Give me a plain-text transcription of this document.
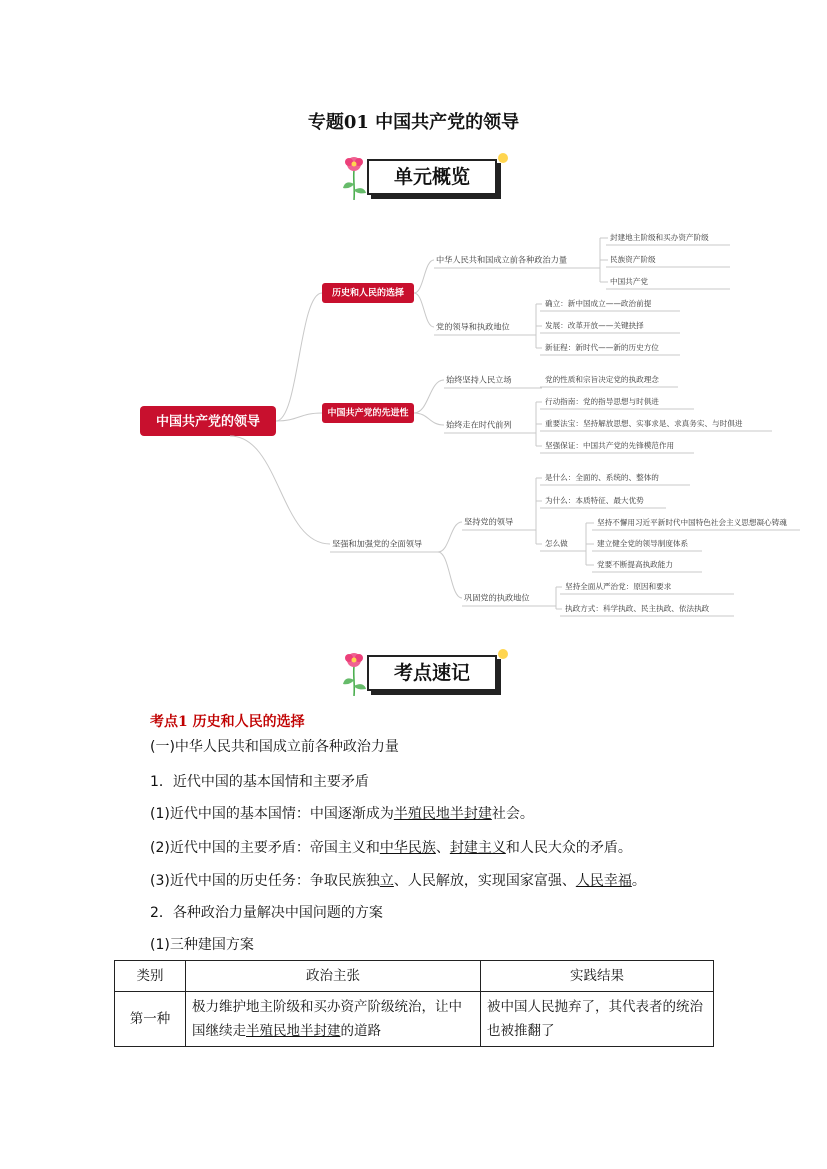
专题01 中国共产党的领导
单元概览
中国共产党的领导
历史和人民的选择
中华人民共和国成立前各种政治力量
封建地主阶级和买办资产阶级
民族资产阶级
中国共产党
党的领导和执政地位
确立：新中国成立——政治前提
发展：改革开放——关键抉择
新征程：新时代——新的历史方位
中国共产党的先进性
始终坚持人民立场	党的性质和宗旨决定党的执政理念
始终走在时代前列
行动指南：党的指导思想与时俱进
重要法宝：坚持解放思想、实事求是、求真务实、与时俱进
坚强保证：中国共产党的先锋模范作用
坚强和加强党的全面领导
坚持党的领导
是什么：全面的、系统的、整体的
为什么：本质特征、最大优势
怎么做
坚持不懈用习近平新时代中国特色社会主义思想凝心铸魂
建立健全党的领导制度体系
党要不断提高执政能力
巩固党的执政地位
坚持全面从严治党：原因和要求
执政方式：科学执政、民主执政、依法执政
考点速记
考点1 历史和人民的选择
(一)中华人民共和国成立前各种政治力量
1．近代中国的基本国情和主要矛盾
(1)近代中国的基本国情：中国逐渐成为半殖民地半封建社会。
(2)近代中国的主要矛盾：帝国主义和中华民族、封建主义和人民大众的矛盾。
(3)近代中国的历史任务：争取民族独立、人民解放，实现国家富强、人民幸福。
2．各种政治力量解决中国问题的方案
(1)三种建国方案
类别	政治主张	实践结果
第一种	极力维护地主阶级和买办资产阶级统治，让中国继续走半殖民地半封建的道路	被中国人民抛弃了，其代表者的统治也被推翻了
